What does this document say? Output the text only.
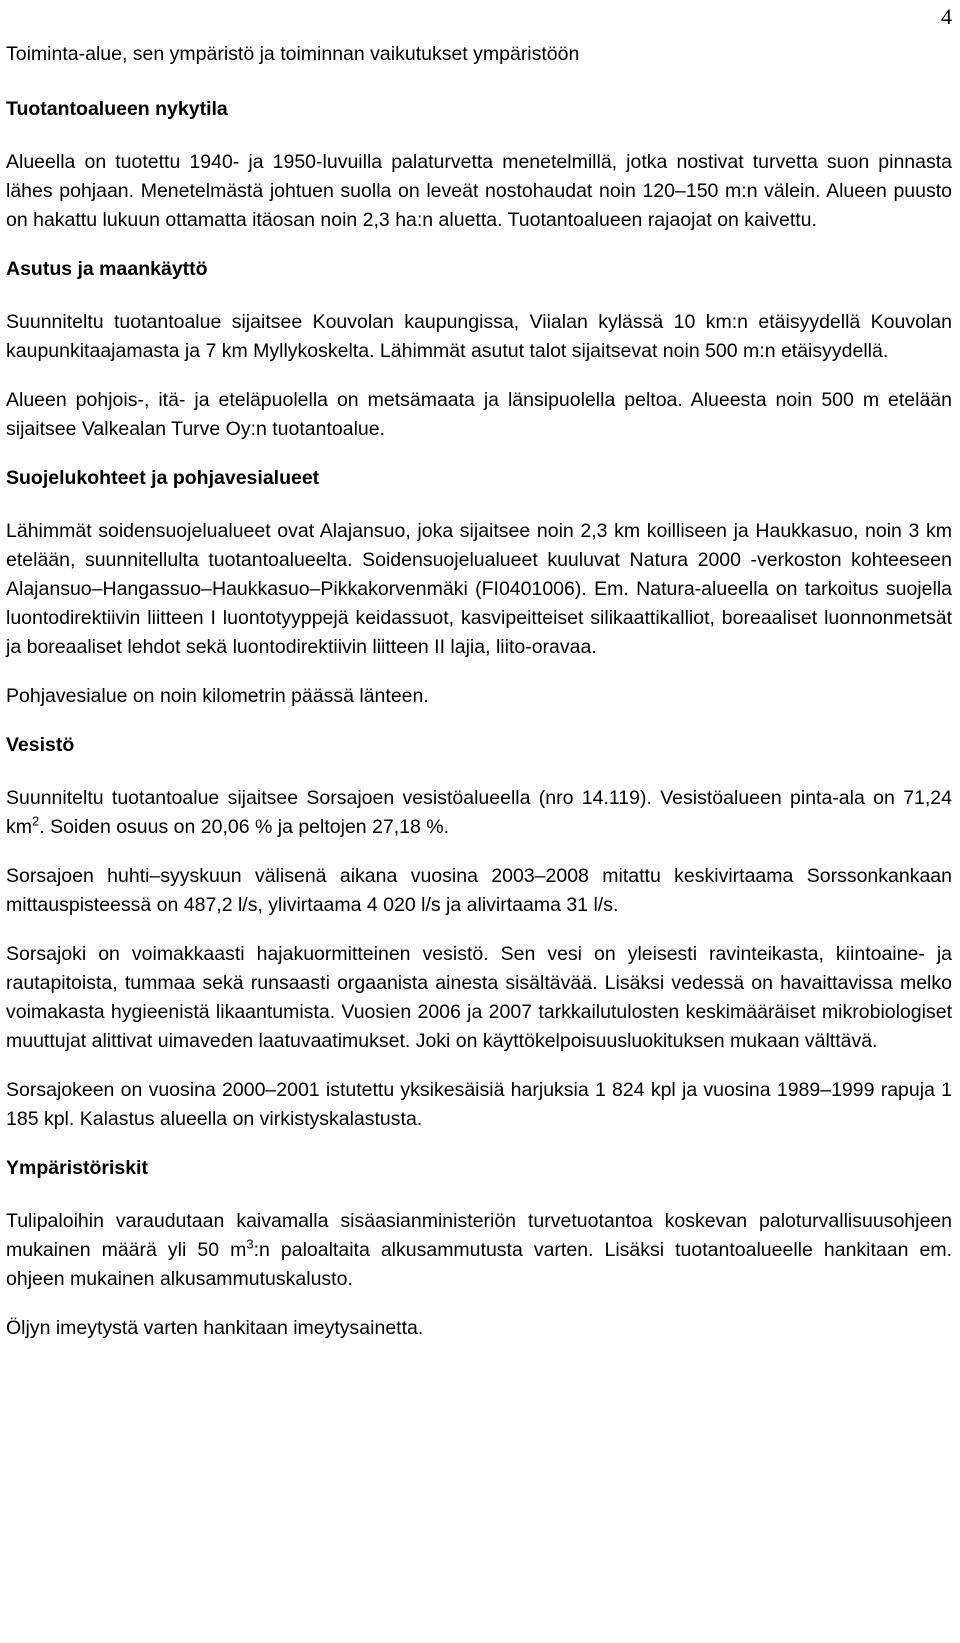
4

Toiminta-alue, sen ympäristö ja toiminnan vaikutukset ympäristöön

Tuotantoalueen nykytila

Alueella on tuotettu 1940- ja 1950-luvuilla palaturvetta menetelmillä, jotka nostivat turvetta suon pinnasta lähes pohjaan. Menetelmästä johtuen suolla on leveät nostohaudat noin 120–150 m:n välein. Alueen puusto on hakattu lukuun ottamatta itäosan noin 2,3 ha:n aluetta. Tuotantoalueen rajaojat on kaivettu.

Asutus ja maankäyttö

Suunniteltu tuotantoalue sijaitsee Kouvolan kaupungissa, Viialan kylässä 10 km:n etäisyydellä Kouvolan kaupunkitaajamasta ja 7 km Myllykoskelta. Lähimmät asutut talot sijaitsevat noin 500 m:n etäisyydellä.

Alueen pohjois-, itä- ja eteläpuolella on metsämaata ja länsipuolella peltoa. Alueesta noin 500 m etelään sijaitsee Valkealan Turve Oy:n tuotantoalue.

Suojelukohteet ja pohjavesialueet

Lähimmät soidensuojelualueet ovat Alajansuo, joka sijaitsee noin 2,3 km koilliseen ja Haukkasuo, noin 3 km etelään, suunnitellulta tuotantoalueelta. Soidensuojelualueet kuuluvat Natura 2000 -verkoston kohteeseen Alajansuo–Hangassuo–Haukkasuo–Pikkakorvenmäki (FI0401006). Em. Natura-alueella on tarkoitus suojella luontodirektiivin liitteen I luontotyyppejä keidassuot, kasvipeitteiset silikaattikalliot, boreaaliset luonnonmetsät ja boreaaliset lehdot sekä luontodirektiivin liitteen II lajia, liito-oravaa.

Pohjavesialue on noin kilometrin päässä länteen.

Vesistö

Suunniteltu tuotantoalue sijaitsee Sorsajoen vesistöalueella (nro 14.119). Vesistöalueen pinta-ala on 71,24 $km^2$. Soiden osuus on 20,06 % ja peltojen 27,18 %.

Sorsajoen huhti–syyskuun välisenä aikana vuosina 2003–2008 mitattu keskivirtaama Sorssonkankaan mittauspisteessä on 487,2 l/s, ylivirtaama 4 020 l/s ja alivirtaama 31 l/s.

Sorsajoki on voimakkaasti hajakuormitteinen vesistö. Sen vesi on yleisesti ravinteikasta, kiintoaine- ja rautapitoista, tummaa sekä runsaasti orgaanista ainesta sisältävää. Lisäksi vedessä on havaittavissa melko voimakasta hygieenistä likaantumista. Vuosien 2006 ja 2007 tarkkailutulosten keskimääräiset mikrobiologiset muuttujat alittivat uimaveden laatuvaatimukset. Joki on käyttökelpoisuusluokituksen mukaan välttävä.

Sorsajokeen on vuosina 2000–2001 istutettu yksikesäisiä harjuksia 1 824 kpl ja vuosina 1989–1999 rapuja 1 185 kpl. Kalastus alueella on virkistyskalastusta.

Ympäristöriskit

Tulipaloihin varaudutaan kaivamalla sisäasianministeriön turvetuotantoa koskevan paloturvallisuusohjeen mukainen määrä yli 50 $m^3:n$ paloaltaita alkusammutusta varten. Lisäksi tuotantoalueelle hankitaan em. ohjeen mukainen alkusammutuskalusto.

Öljyn imeytystä varten hankitaan imeytysainetta.
